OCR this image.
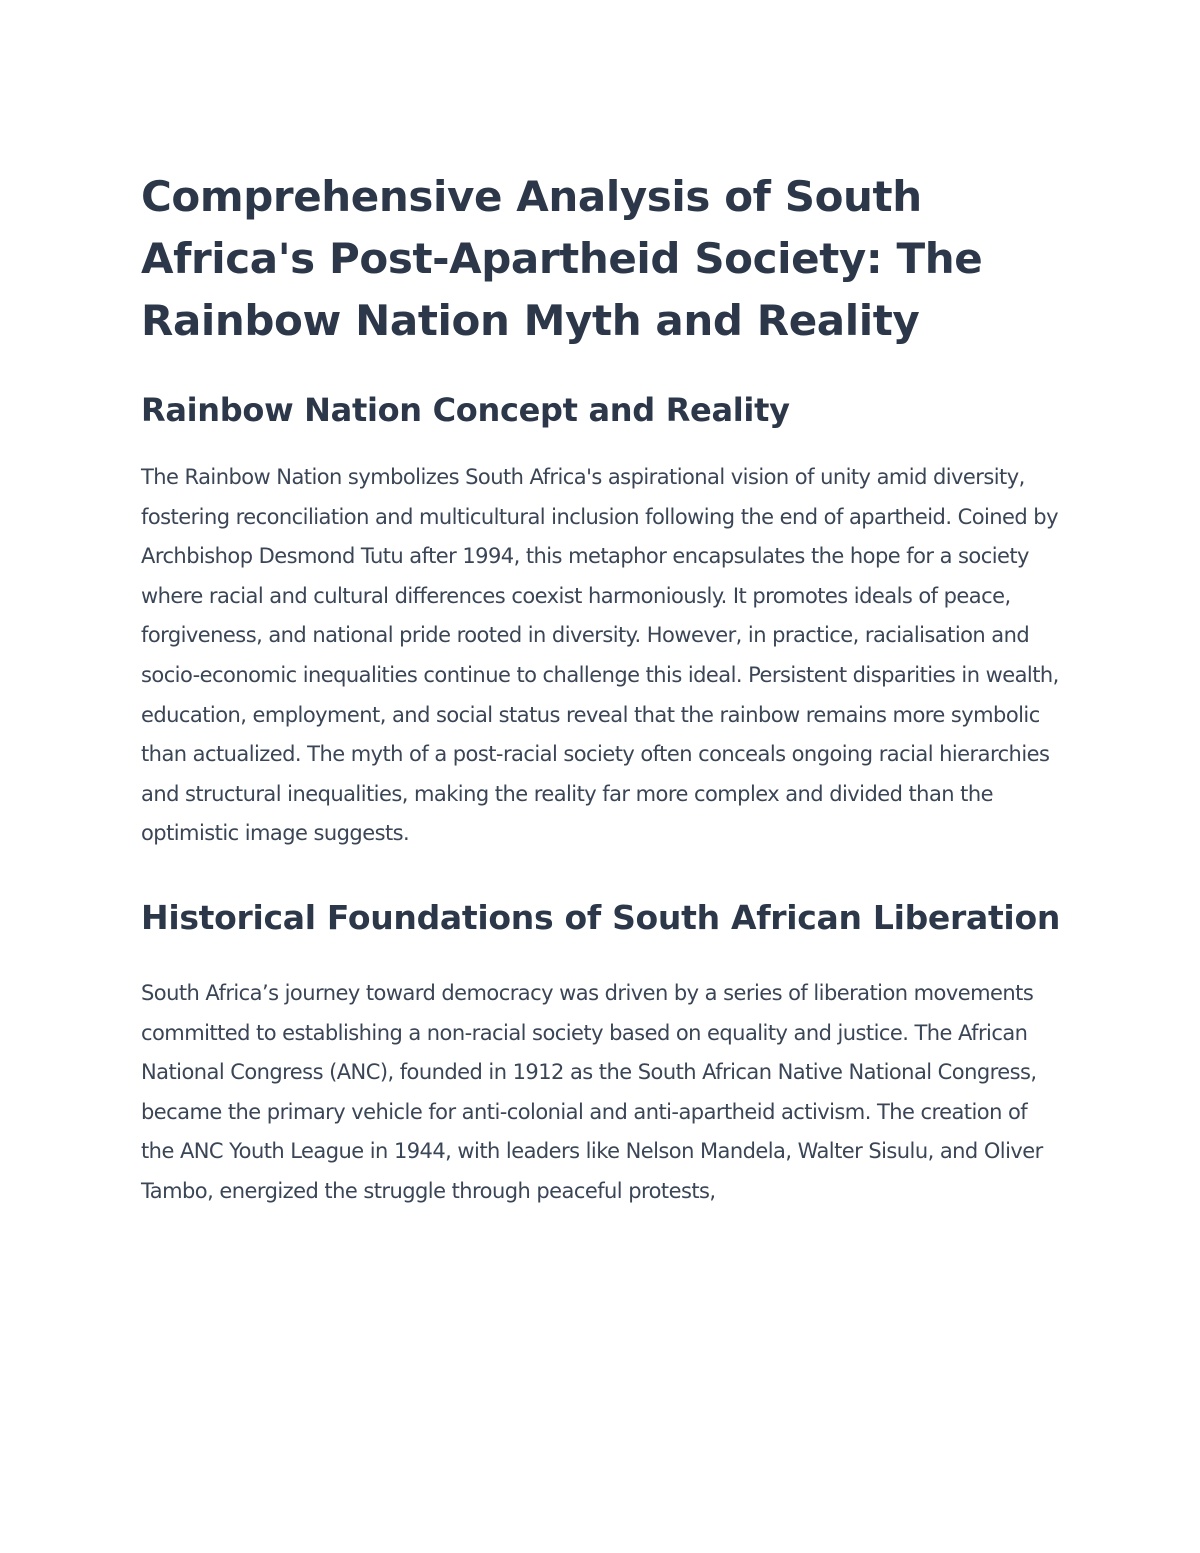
Comprehensive Analysis of South Africa's Post-Apartheid Society: The Rainbow Nation Myth and Reality
Rainbow Nation Concept and Reality

The Rainbow Nation symbolizes South Africa's aspirational vision of unity amid diversity, fostering reconciliation and multicultural inclusion following the end of apartheid. Coined by Archbishop Desmond Tutu after 1994, this metaphor encapsulates the hope for a society where racial and cultural differences coexist harmoniously. It promotes ideals of peace, forgiveness, and national pride rooted in diversity. However, in practice, racialisation and socio-economic inequalities continue to challenge this ideal. Persistent disparities in wealth, education, employment, and social status reveal that the rainbow remains more symbolic than actualized. The myth of a post-racial society often conceals ongoing racial hierarchies and structural inequalities, making the reality far more complex and divided than the optimistic image suggests.

Historical Foundations of South African Liberation

South Africa’s journey toward democracy was driven by a series of liberation movements committed to establishing a non-racial society based on equality and justice. The African National Congress (ANC), founded in 1912 as the South African Native National Congress, became the primary vehicle for anti-colonial and anti-apartheid activism. The creation of the ANC Youth League in 1944, with leaders like Nelson Mandela, Walter Sisulu, and Oliver Tambo, energized the struggle through peaceful protests,
